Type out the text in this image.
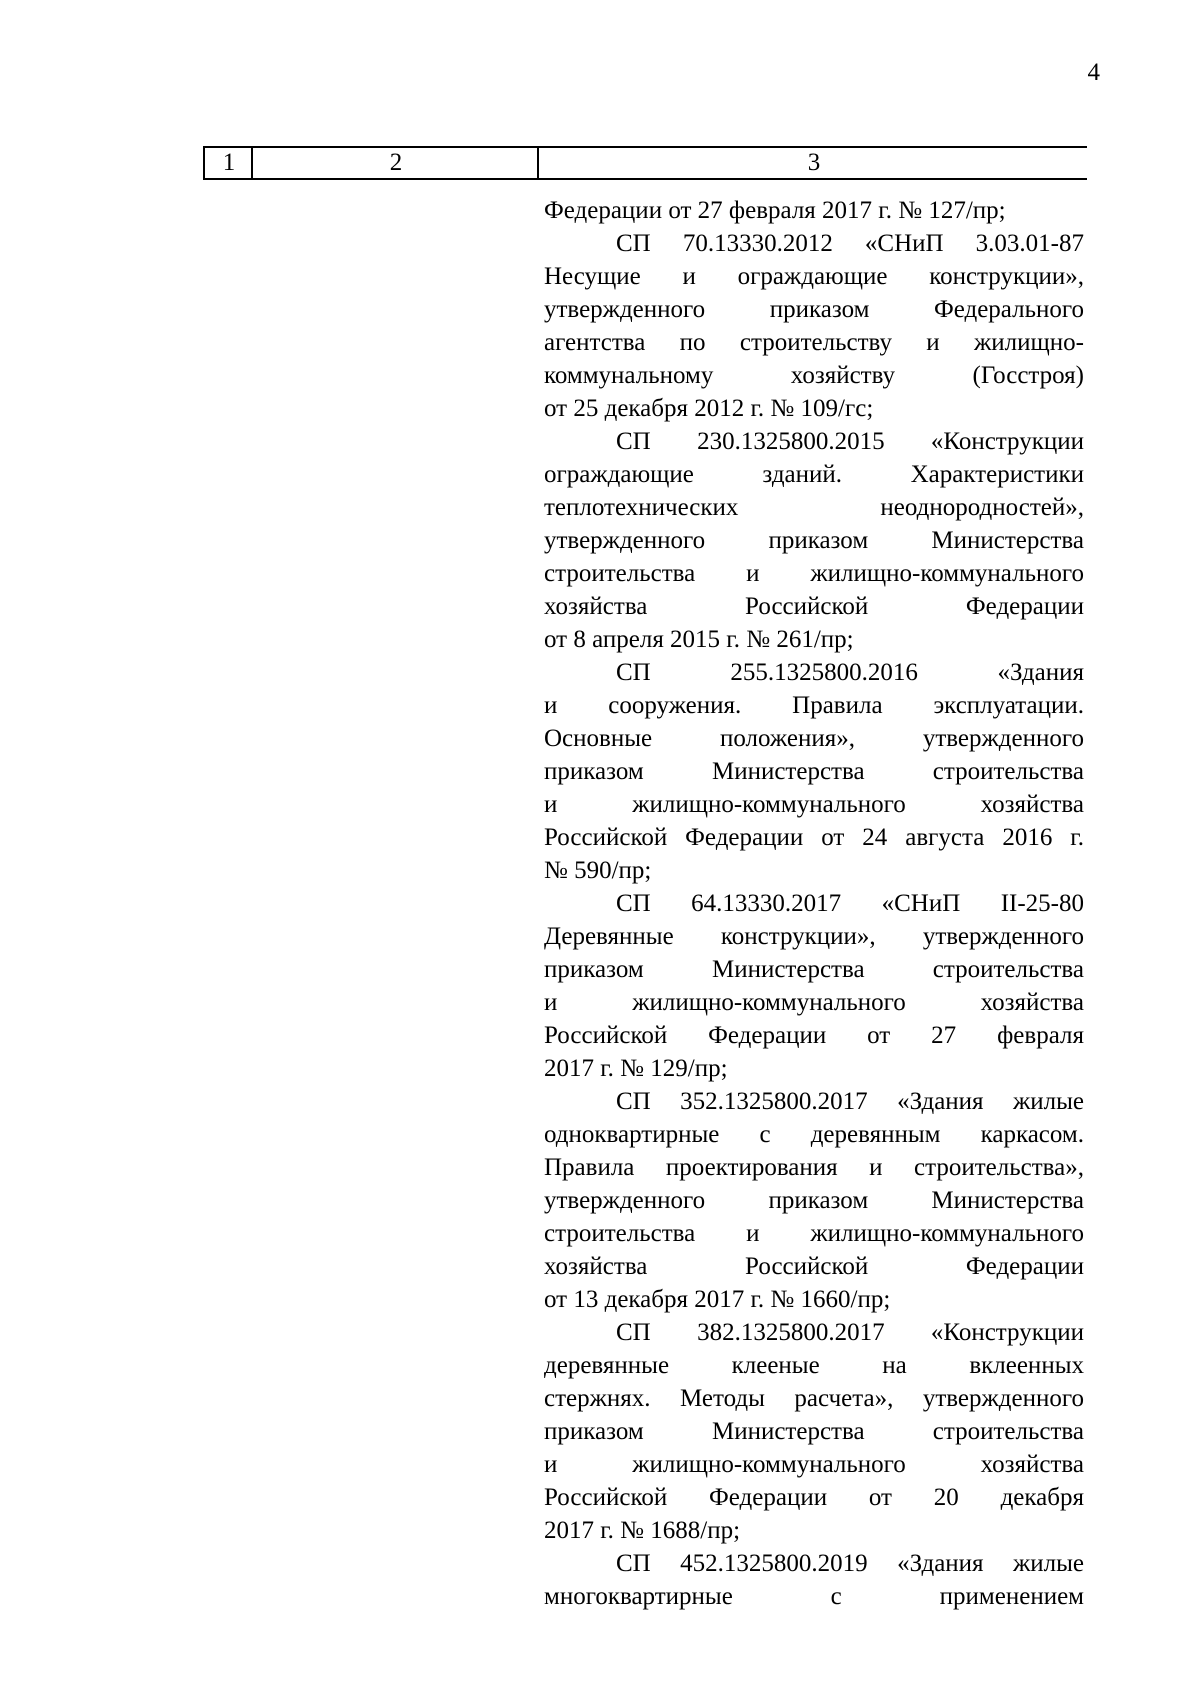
4
1	2	3
Федерации от 27 февраля 2017 г. № 127/пр;
СП 70.13330.2012 «СНиП 3.03.01-87
Несущие и ограждающие конструкции»,
утвержденного приказом Федерального
агентства по строительству и жилищно-
коммунальному хозяйству (Госстроя)
от 25 декабря 2012 г. № 109/гс;
СП 230.1325800.2015 «Конструкции
ограждающие зданий. Характеристики
теплотехнических неоднородностей»,
утвержденного приказом Министерства
строительства и жилищно-коммунального
хозяйства Российской Федерации
от 8 апреля 2015 г. № 261/пр;
СП 255.1325800.2016 «Здания
и сооружения. Правила эксплуатации.
Основные положения», утвержденного
приказом Министерства строительства
и жилищно-коммунального хозяйства
Российской Федерации от 24 августа 2016 г.
№ 590/пр;
СП 64.13330.2017 «СНиП II-25-80
Деревянные конструкции», утвержденного
приказом Министерства строительства
и жилищно-коммунального хозяйства
Российской Федерации от 27 февраля
2017 г. № 129/пр;
СП 352.1325800.2017 «Здания жилые
одноквартирные с деревянным каркасом.
Правила проектирования и строительства»,
утвержденного приказом Министерства
строительства и жилищно-коммунального
хозяйства Российской Федерации
от 13 декабря 2017 г. № 1660/пр;
СП 382.1325800.2017 «Конструкции
деревянные клееные на вклеенных
стержнях. Методы расчета», утвержденного
приказом Министерства строительства
и жилищно-коммунального хозяйства
Российской Федерации от 20 декабря
2017 г. № 1688/пр;
СП 452.1325800.2019 «Здания жилые
многоквартирные с применением
